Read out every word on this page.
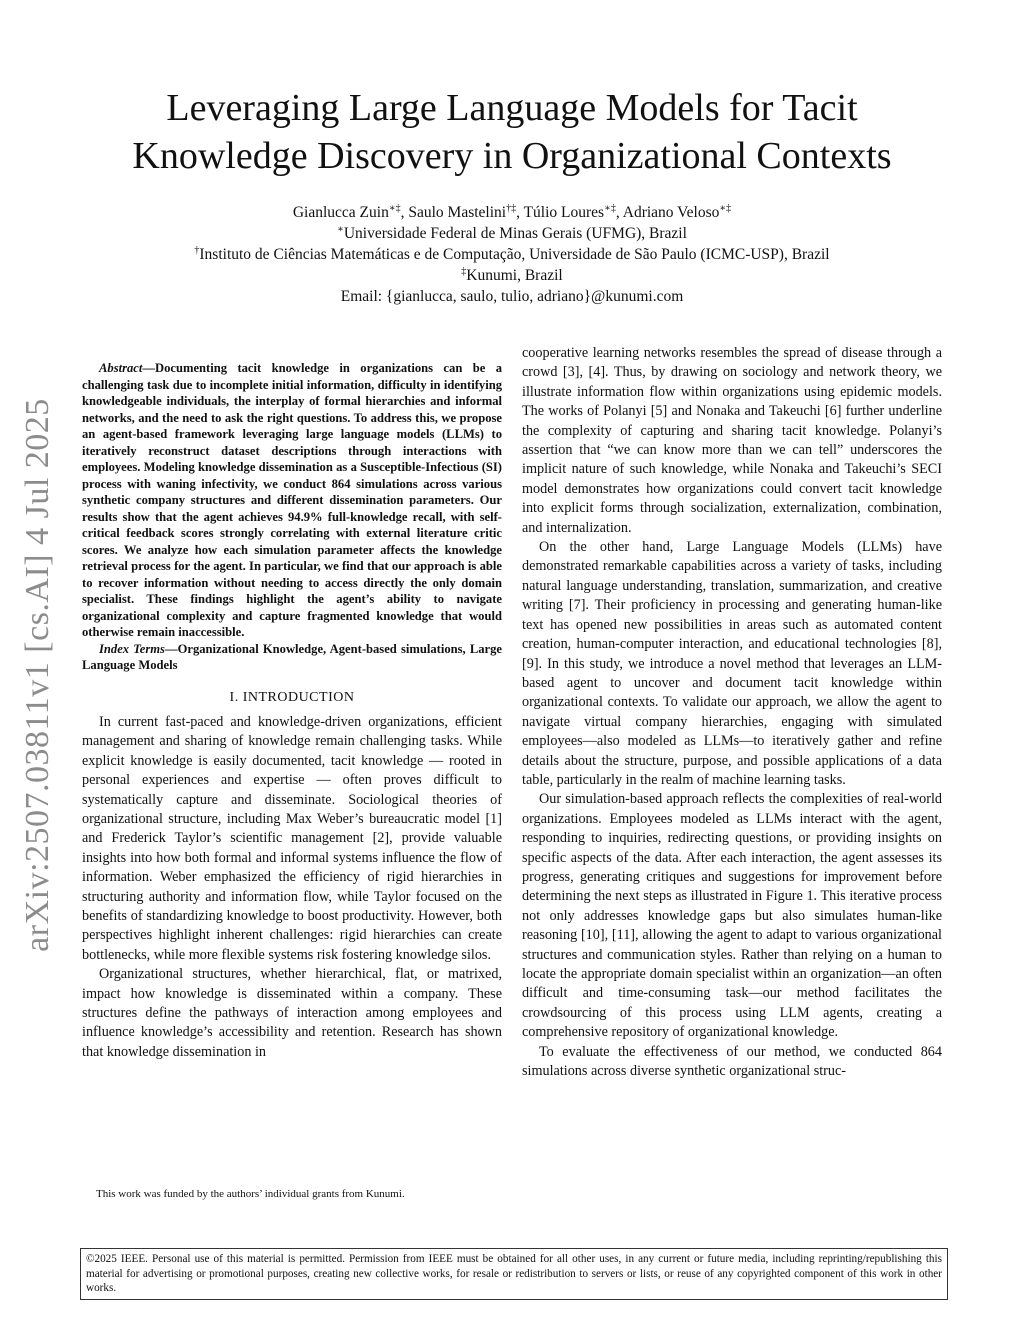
arXiv:2507.03811v1 [cs.AI] 4 Jul 2025
Leveraging Large Language Models for Tacit
Knowledge Discovery in Organizational Contexts
Gianlucca Zuin∗‡, Saulo Mastelini†‡, Túlio Loures∗‡, Adriano Veloso∗‡
∗Universidade Federal de Minas Gerais (UFMG), Brazil
†Instituto de Ciências Matemáticas e de Computação, Universidade de São Paulo (ICMC-USP), Brazil
‡Kunumi, Brazil
Email: {gianlucca, saulo, tulio, adriano}@kunumi.com

Abstract—Documenting tacit knowledge in organizations can be a challenging task due to incomplete initial information, difficulty in identifying knowledgeable individuals, the interplay of formal hierarchies and informal networks, and the need to ask the right questions. To address this, we propose an agent-based framework leveraging large language models (LLMs) to iteratively reconstruct dataset descriptions through interactions with employees. Modeling knowledge dissemination as a Susceptible-Infectious (SI) process with waning infectivity, we conduct 864 simulations across various synthetic company structures and different dissemination parameters. Our results show that the agent achieves 94.9% full-knowledge recall, with self-critical feedback scores strongly correlating with external literature critic scores. We analyze how each simulation parameter affects the knowledge retrieval process for the agent. In particular, we find that our approach is able to recover information without needing to access directly the only domain specialist. These findings highlight the agent’s ability to navigate organizational complexity and capture fragmented knowledge that would otherwise remain inaccessible.

Index Terms—Organizational Knowledge, Agent-based simulations, Large Language Models

I. INTRODUCTION

In current fast-paced and knowledge-driven organizations, efficient management and sharing of knowledge remain challenging tasks. While explicit knowledge is easily documented, tacit knowledge — rooted in personal experiences and expertise — often proves difficult to systematically capture and disseminate. Sociological theories of organizational structure, including Max Weber’s bureaucratic model [1] and Frederick Taylor’s scientific management [2], provide valuable insights into how both formal and informal systems influence the flow of information. Weber emphasized the efficiency of rigid hierarchies in structuring authority and information flow, while Taylor focused on the benefits of standardizing knowledge to boost productivity. However, both perspectives highlight inherent challenges: rigid hierarchies can create bottlenecks, while more flexible systems risk fostering knowledge silos.

Organizational structures, whether hierarchical, flat, or matrixed, impact how knowledge is disseminated within a company. These structures define the pathways of interaction among employees and influence knowledge’s accessibility and retention. Research has shown that knowledge dissemination in

cooperative learning networks resembles the spread of disease through a crowd [3], [4]. Thus, by drawing on sociology and network theory, we illustrate information flow within organizations using epidemic models. The works of Polanyi [5] and Nonaka and Takeuchi [6] further underline the complexity of capturing and sharing tacit knowledge. Polanyi’s assertion that “we can know more than we can tell” underscores the implicit nature of such knowledge, while Nonaka and Takeuchi’s SECI model demonstrates how organizations could convert tacit knowledge into explicit forms through socialization, externalization, combination, and internalization.

On the other hand, Large Language Models (LLMs) have demonstrated remarkable capabilities across a variety of tasks, including natural language understanding, translation, summarization, and creative writing [7]. Their proficiency in processing and generating human-like text has opened new possibilities in areas such as automated content creation, human-computer interaction, and educational technologies [8], [9]. In this study, we introduce a novel method that leverages an LLM-based agent to uncover and document tacit knowledge within organizational contexts. To validate our approach, we allow the agent to navigate virtual company hierarchies, engaging with simulated employees—also modeled as LLMs—to iteratively gather and refine details about the structure, purpose, and possible applications of a data table, particularly in the realm of machine learning tasks.

Our simulation-based approach reflects the complexities of real-world organizations. Employees modeled as LLMs interact with the agent, responding to inquiries, redirecting questions, or providing insights on specific aspects of the data. After each interaction, the agent assesses its progress, generating critiques and suggestions for improvement before determining the next steps as illustrated in Figure 1. This iterative process not only addresses knowledge gaps but also simulates human-like reasoning [10], [11], allowing the agent to adapt to various organizational structures and communication styles. Rather than relying on a human to locate the appropriate domain specialist within an organization—an often difficult and time-consuming task—our method facilitates the crowdsourcing of this process using LLM agents, creating a comprehensive repository of organizational knowledge.

To evaluate the effectiveness of our method, we conducted 864 simulations across diverse synthetic organizational struc-

This work was funded by the authors’ individual grants from Kunumi.
©2025 IEEE. Personal use of this material is permitted. Permission from IEEE must be obtained for all other uses, in any current or future media, including reprinting/republishing this material for advertising or promotional purposes, creating new collective works, for resale or redistribution to servers or lists, or reuse of any copyrighted component of this work in other works.
